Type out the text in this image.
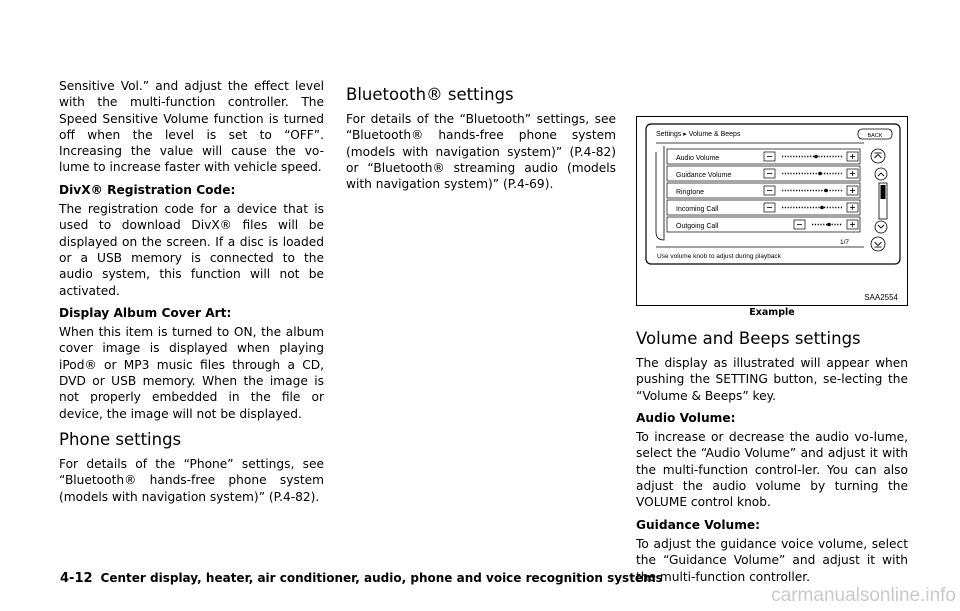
Sensitive Vol.” and adjust the effect level with the multi-function controller. The Speed Sensitive Volume function is turned off when the level is set to “OFF”. Increasing the value will cause the vo-lume to increase faster with vehicle speed.

DivX® Registration Code:

The registration code for a device that is used to download DivX® files will be displayed on the screen. If a disc is loaded or a USB memory is connected to the audio system, this function will not be activated.

Display Album Cover Art:

When this item is turned to ON, the album cover image is displayed when playing iPod® or MP3 music files through a CD, DVD or USB memory. When the image is not properly embedded in the file or device, the image will not be displayed.

Phone settings

For details of the “Phone” settings, see “Bluetooth® hands-free phone system (models with navigation system)” (P.4-82).

Bluetooth® settings

For details of the “Bluetooth” settings, see “Bluetooth® hands-free phone system (models with navigation system)” (P.4-82) or “Bluetooth® streaming audio (models with navigation system)” (P.4-69).

Settings ▸ Volume & Beeps	BACK
Audio Volume
Guidance Volume
Ringtone
Incoming Call
Outgoing Call
1/7
Use volume knob to adjust during playback
SAA2554
Example
Volume and Beeps settings

The display as illustrated will appear when pushing the SETTING button, se-lecting the “Volume & Beeps” key.

Audio Volume:

To increase or decrease the audio vo-lume, select the “Audio Volume” and adjust it with the multi-function control-ler. You can also adjust the audio volume by turning the VOLUME control knob.

Guidance Volume:

To adjust the guidance voice volume, select the “Guidance Volume” and adjust it with the multi-function controller.

4-12 Center display, heater, air conditioner, audio, phone and voice recognition systems
carmanualsonline.info
